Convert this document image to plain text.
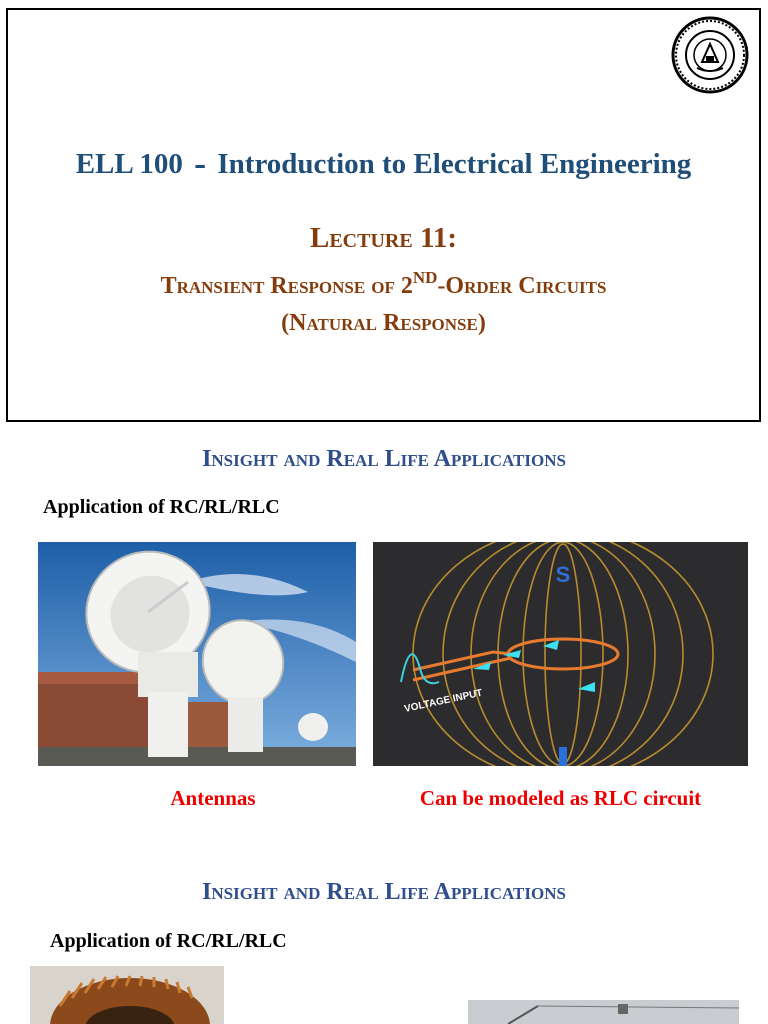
ELL 100 - Introduction to Electrical Engineering
Lecture 11:
Transient Response of 2ND-Order Circuits
(Natural Response)
Insight and Real Life Applications
Application of RC/RL/RLC
S
VOLTAGE INPUT
Antennas	Can be modeled as RLC circuit
Insight and Real Life Applications
Application of RC/RL/RLC
